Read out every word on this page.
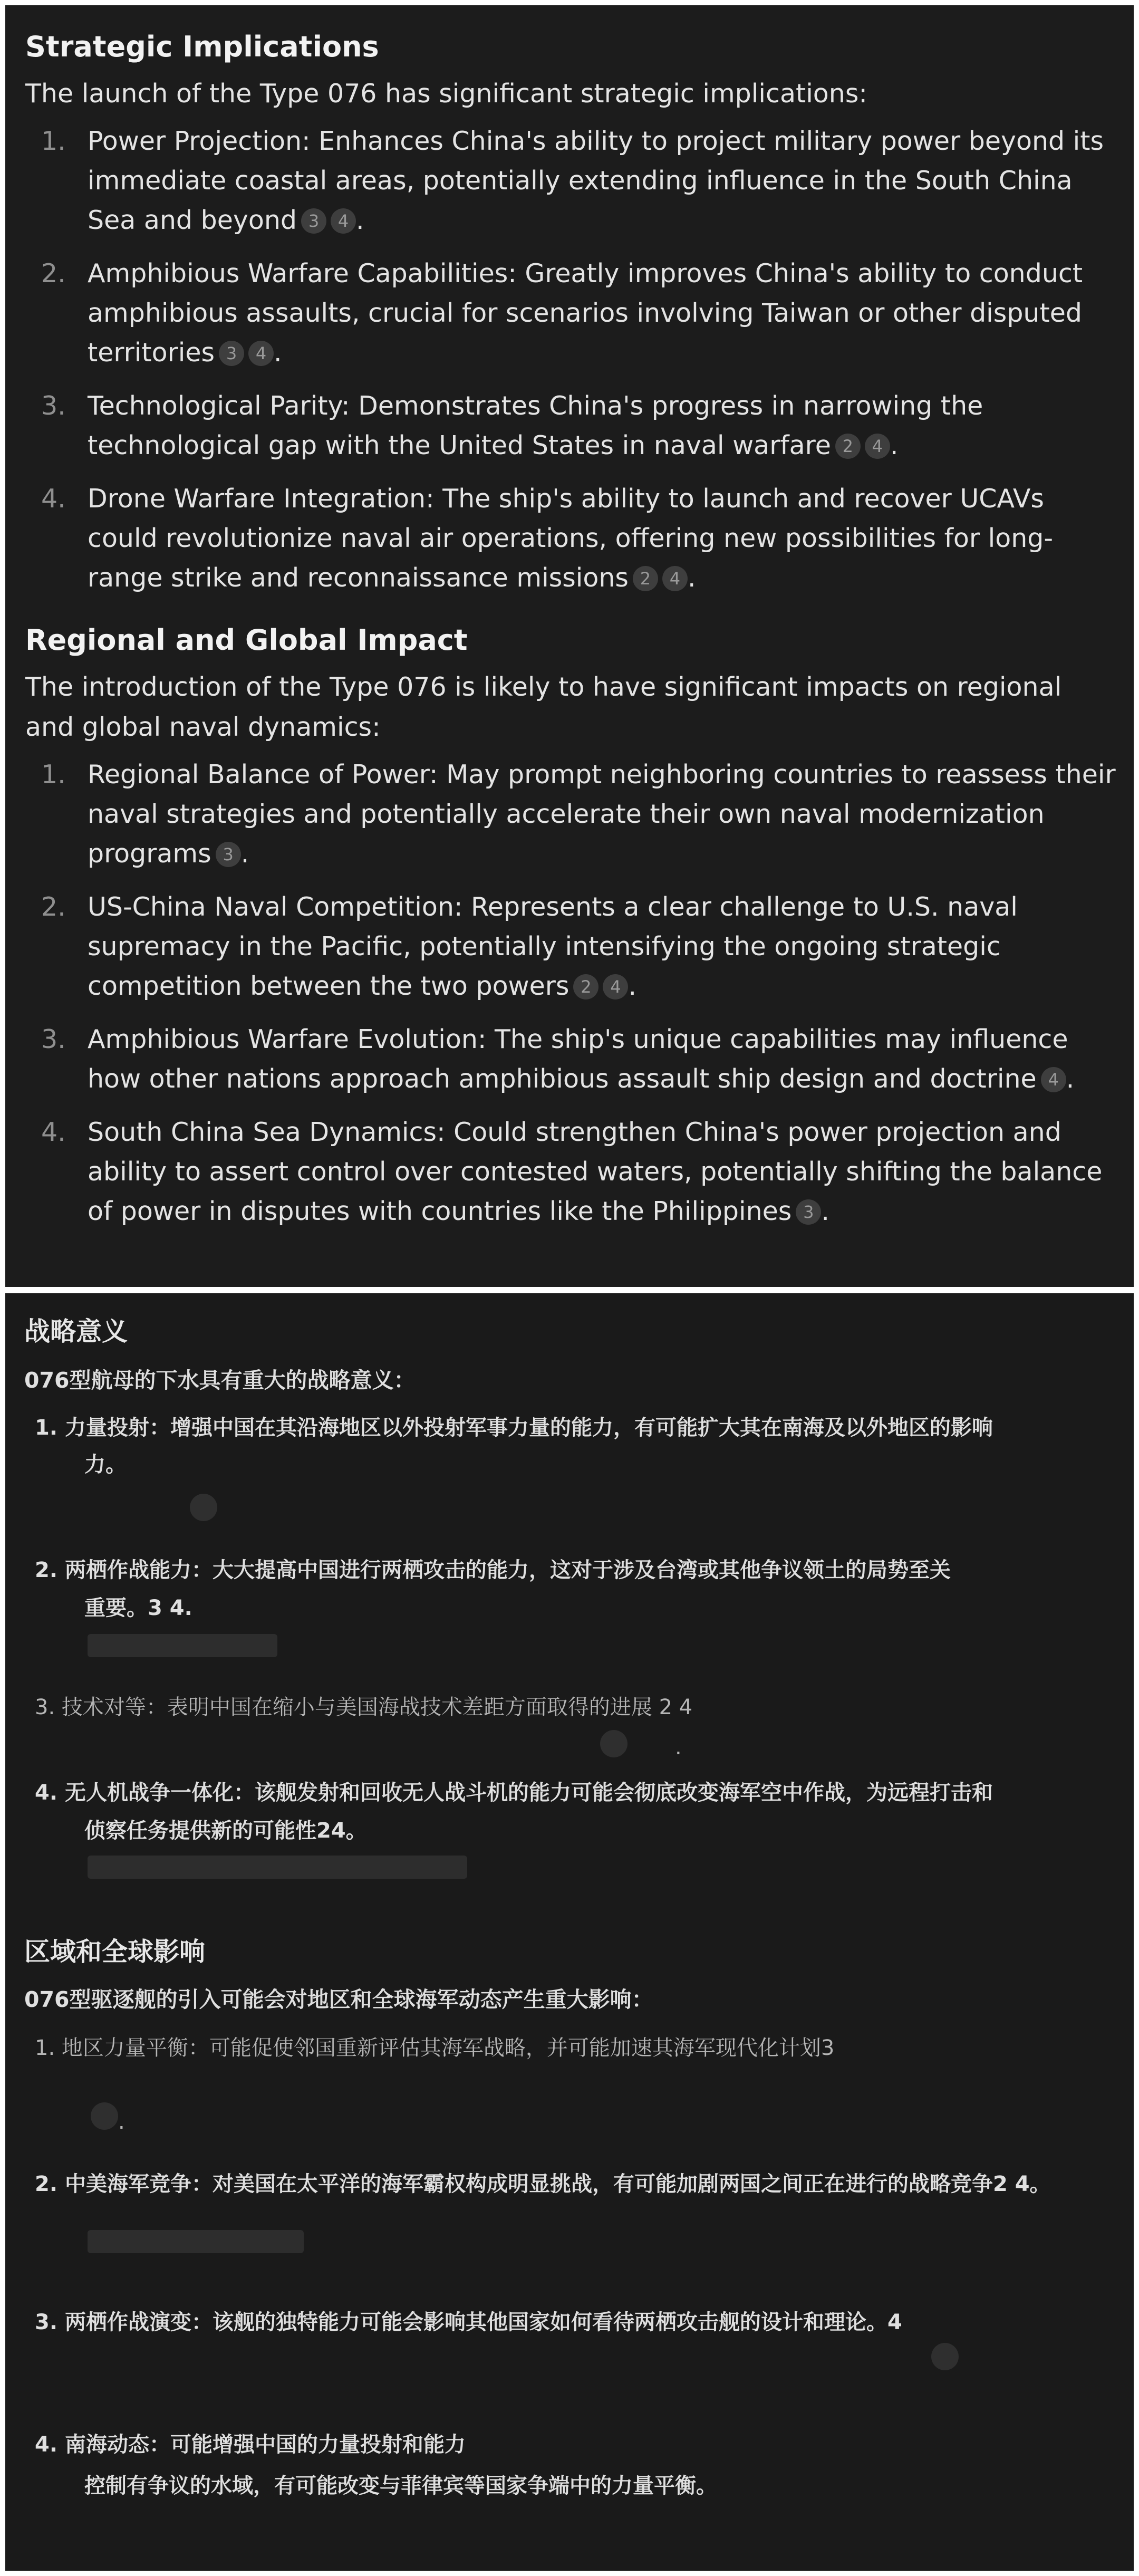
Strategic Implications
The launch of the Type 076 has significant strategic implications:
1. Power Projection: Enhances China's ability to project military power beyond its immediate coastal areas, potentially extending influence in the South China Sea and beyond 3 4 .
2. Amphibious Warfare Capabilities: Greatly improves China's ability to conduct amphibious assaults, crucial for scenarios involving Taiwan or other disputed territories 3 4 .
3. Technological Parity: Demonstrates China's progress in narrowing the technological gap with the United States in naval warfare 2 4 .
4. Drone Warfare Integration: The ship's ability to launch and recover UCAVs could revolutionize naval air operations, offering new possibilities for long-range strike and reconnaissance missions 2 4 .
Regional and Global Impact
The introduction of the Type 076 is likely to have significant impacts on regional and global naval dynamics:
1. Regional Balance of Power: May prompt neighboring countries to reassess their naval strategies and potentially accelerate their own naval modernization programs 3 .
2. US-China Naval Competition: Represents a clear challenge to U.S. naval supremacy in the Pacific, potentially intensifying the ongoing strategic competition between the two powers 2 4 .
3. Amphibious Warfare Evolution: The ship's unique capabilities may influence how other nations approach amphibious assault ship design and doctrine 4 .
4. South China Sea Dynamics: Could strengthen China's power projection and ability to assert control over contested waters, potentially shifting the balance of power in disputes with countries like the Philippines 3 .
战略意义
076型航母的下水具有重大的战略意义：
1. 力量投射：增强中国在其沿海地区以外投射军事力量的能力，有可能扩大其在南海及以外地区的影响
力。
2. 两栖作战能力：大大提高中国进行两栖攻击的能力，这对于涉及台湾或其他争议领土的局势至关
重要。3 4.
3. 技术对等：表明中国在缩小与美国海战技术差距方面取得的进展 2 4
.
4. 无人机战争一体化：该舰发射和回收无人战斗机的能力可能会彻底改变海军空中作战，为远程打击和
侦察任务提供新的可能性24。
区域和全球影响
076型驱逐舰的引入可能会对地区和全球海军动态产生重大影响：
1. 地区力量平衡：可能促使邻国重新评估其海军战略，并可能加速其海军现代化计划3
.
2. 中美海军竞争：对美国在太平洋的海军霸权构成明显挑战，有可能加剧两国之间正在进行的战略竞争2 4。
3. 两栖作战演变：该舰的独特能力可能会影响其他国家如何看待两栖攻击舰的设计和理论。4
4. 南海动态：可能增强中国的力量投射和能力
控制有争议的水域，有可能改变与菲律宾等国家争端中的力量平衡。
